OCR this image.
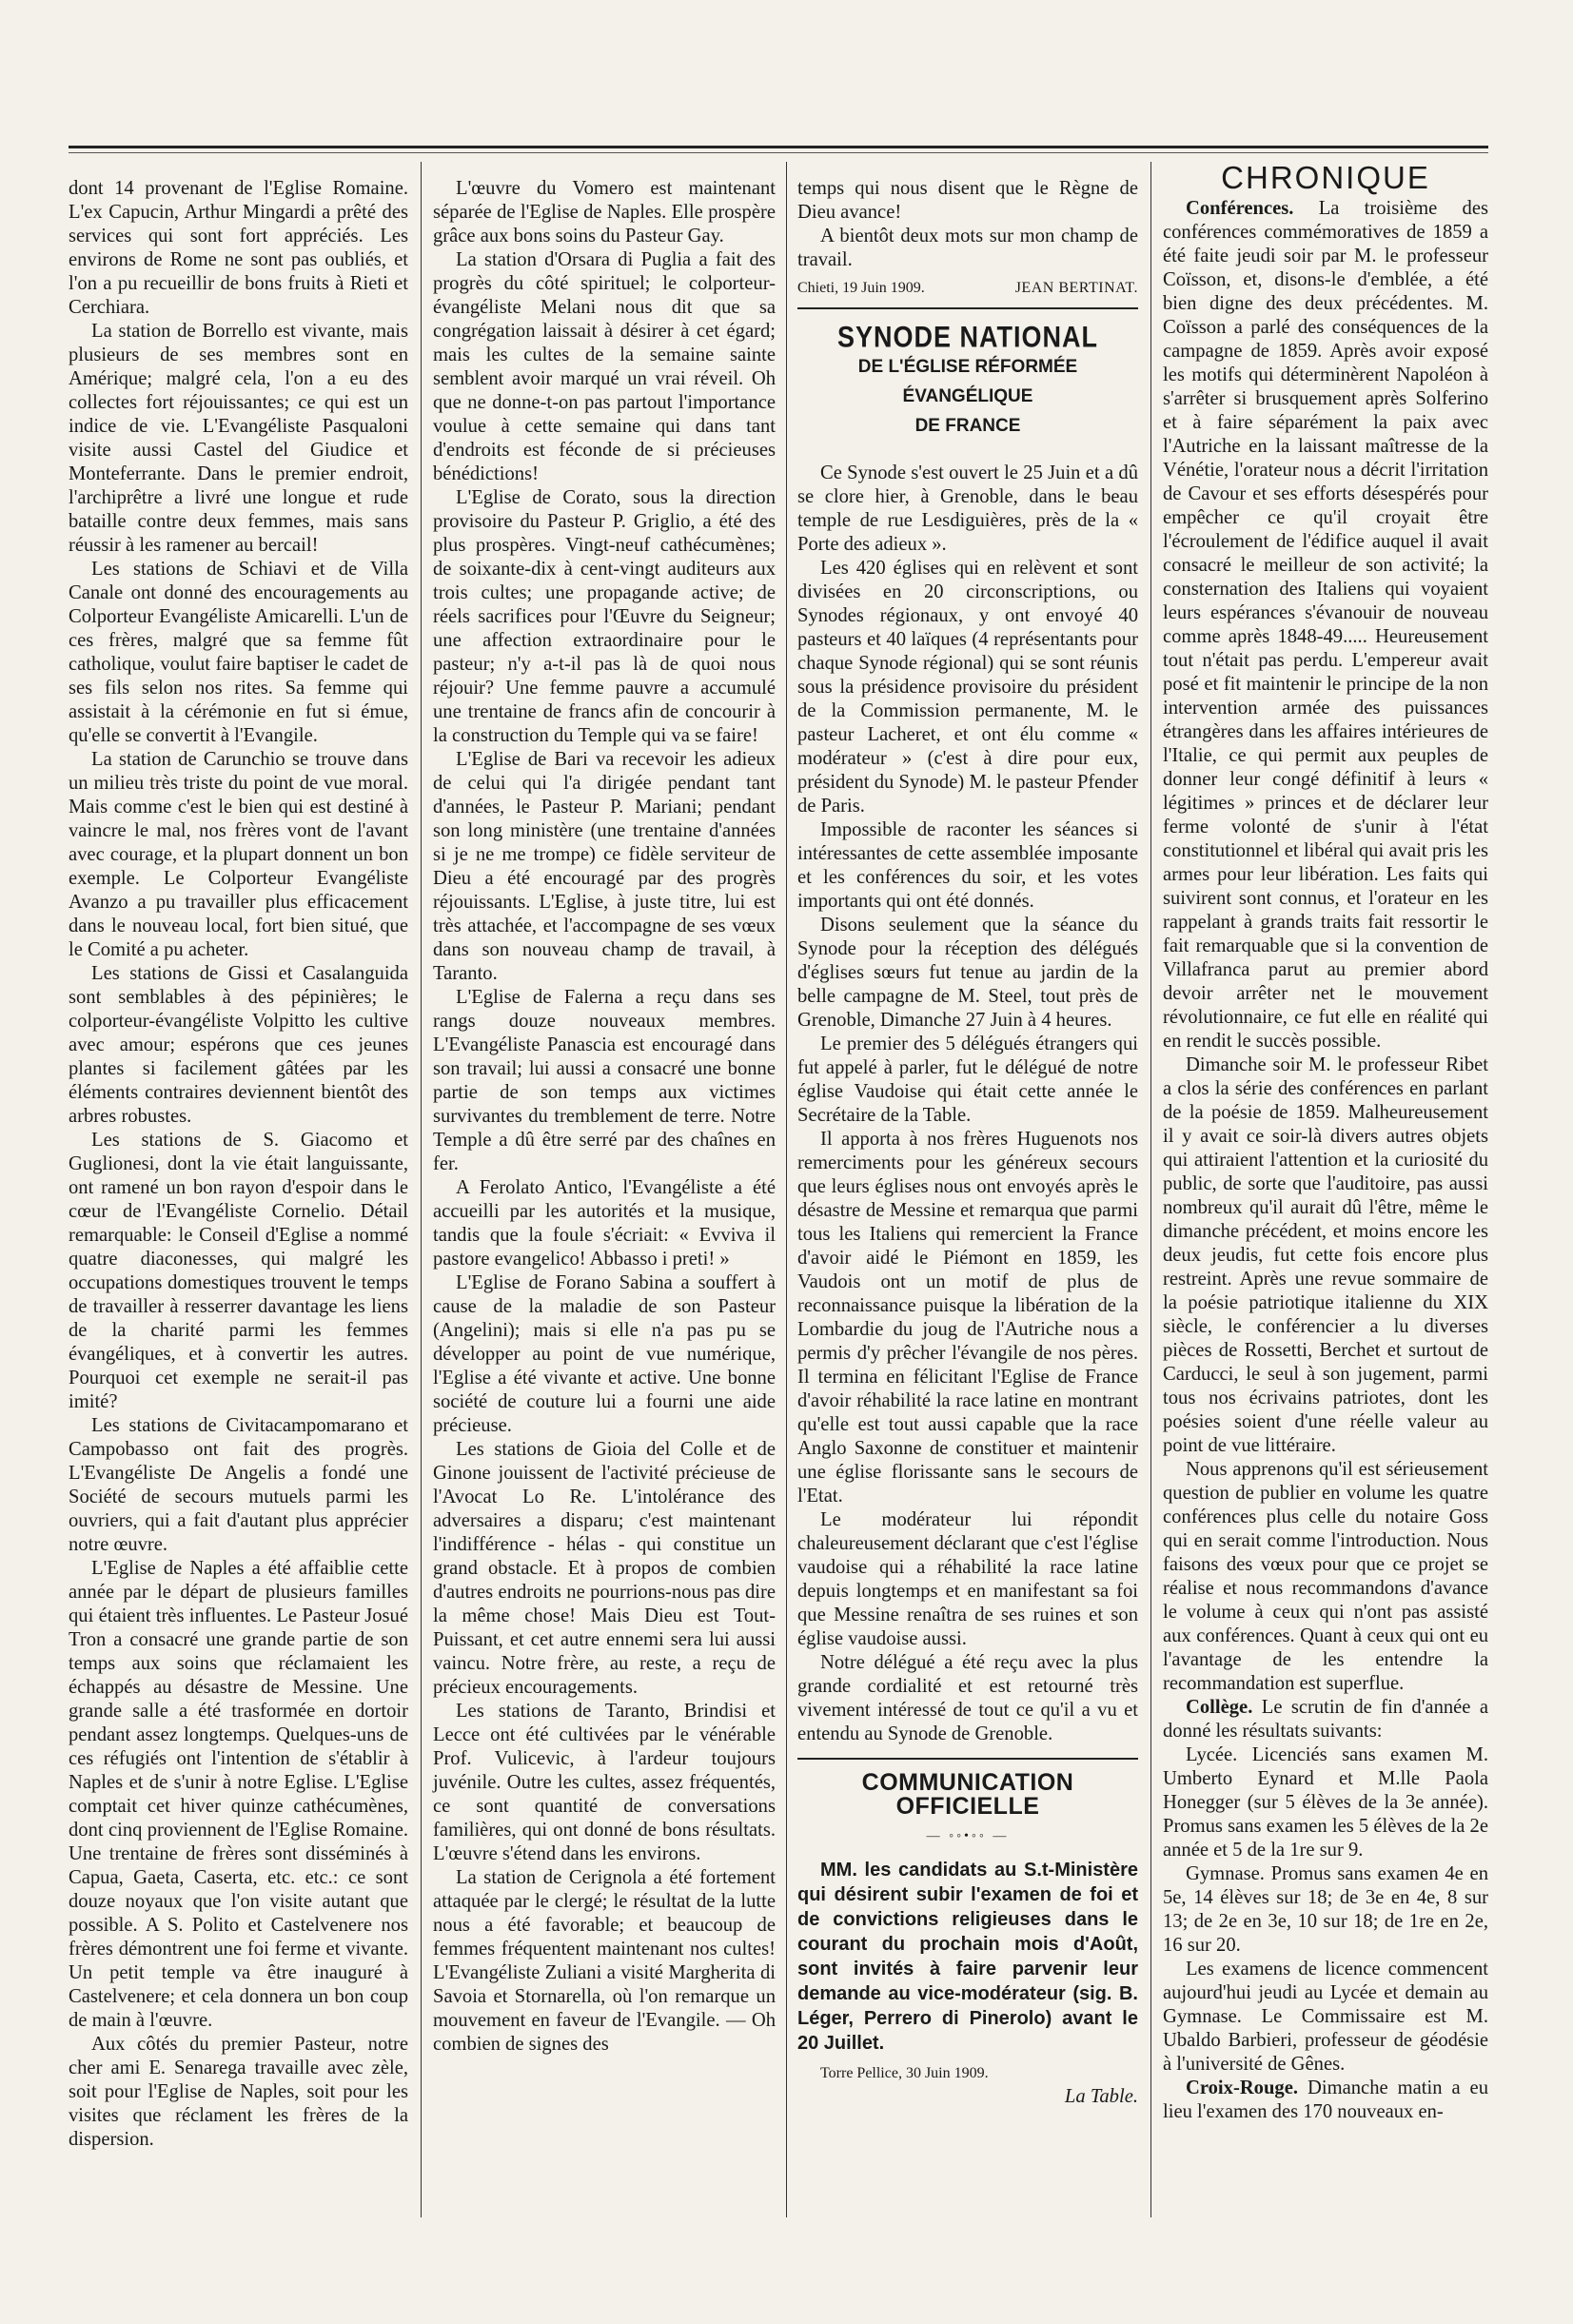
dont 14 provenant de l'Eglise Romaine. L'ex Capucin, Arthur Mingardi a prêté des services qui sont fort appréciés. Les environs de Rome ne sont pas oubliés, et l'on a pu recueillir de bons fruits à Rieti et Cerchiara.

La station de Borrello est vivante, mais plusieurs de ses membres sont en Amérique; malgré cela, l'on a eu des collectes fort réjouissantes; ce qui est un indice de vie. L'Evangéliste Pasqualoni visite aussi Castel del Giudice et Monteferrante. Dans le premier endroit, l'archiprêtre a livré une longue et rude bataille contre deux femmes, mais sans réussir à les ramener au bercail!

Les stations de Schiavi et de Villa Canale ont donné des encouragements au Colporteur Evangéliste Amicarelli. L'un de ces frères, malgré que sa femme fût catholique, voulut faire baptiser le cadet de ses fils selon nos rites. Sa femme qui assistait à la cérémonie en fut si émue, qu'elle se convertit à l'Evangile.

La station de Carunchio se trouve dans un milieu très triste du point de vue moral. Mais comme c'est le bien qui est destiné à vaincre le mal, nos frères vont de l'avant avec courage, et la plupart donnent un bon exemple. Le Colporteur Evangéliste Avanzo a pu travailler plus efficacement dans le nouveau local, fort bien situé, que le Comité a pu acheter.

Les stations de Gissi et Casalanguida sont semblables à des pépinières; le colporteur-évangéliste Volpitto les cultive avec amour; espérons que ces jeunes plantes si facilement gâtées par les éléments contraires deviennent bientôt des arbres robustes.

Les stations de S. Giacomo et Guglionesi, dont la vie était languissante, ont ramené un bon rayon d'espoir dans le cœur de l'Evangéliste Cornelio. Détail remarquable: le Conseil d'Eglise a nommé quatre diaconesses, qui malgré les occupations domestiques trouvent le temps de travailler à resserrer davantage les liens de la charité parmi les femmes évangéliques, et à convertir les autres. Pourquoi cet exemple ne serait-il pas imité?

Les stations de Civitacampomarano et Campobasso ont fait des progrès. L'Evangéliste De Angelis a fondé une Société de secours mutuels parmi les ouvriers, qui a fait d'autant plus apprécier notre œuvre.

L'Eglise de Naples a été affaiblie cette année par le départ de plusieurs familles qui étaient très influentes. Le Pasteur Josué Tron a consacré une grande partie de son temps aux soins que réclamaient les échappés au désastre de Messine. Une grande salle a été trasformée en dortoir pendant assez longtemps. Quelques-uns de ces réfugiés ont l'intention de s'établir à Naples et de s'unir à notre Eglise. L'Eglise comptait cet hiver quinze cathécumènes, dont cinq proviennent de l'Eglise Romaine. Une trentaine de frères sont disséminés à Capua, Gaeta, Caserta, etc. etc.: ce sont douze noyaux que l'on visite autant que possible. A S. Polito et Castelvenere nos frères démontrent une foi ferme et vivante. Un petit temple va être inauguré à Castelvenere; et cela donnera un bon coup de main à l'œuvre.

Aux côtés du premier Pasteur, notre cher ami E. Senarega travaille avec zèle, soit pour l'Eglise de Naples, soit pour les visites que réclament les frères de la dispersion.

L'œuvre du Vomero est maintenant séparée de l'Eglise de Naples. Elle prospère grâce aux bons soins du Pasteur Gay.

La station d'Orsara di Puglia a fait des progrès du côté spirituel; le colporteur-évangéliste Melani nous dit que sa congrégation laissait à désirer à cet égard; mais les cultes de la semaine sainte semblent avoir marqué un vrai réveil. Oh que ne donne-t-on pas partout l'importance voulue à cette semaine qui dans tant d'endroits est féconde de si précieuses bénédictions!

L'Eglise de Corato, sous la direction provisoire du Pasteur P. Griglio, a été des plus prospères. Vingt-neuf cathécumènes; de soixante-dix à cent-vingt auditeurs aux trois cultes; une propagande active; de réels sacrifices pour l'Œuvre du Seigneur; une affection extraordinaire pour le pasteur; n'y a-t-il pas là de quoi nous réjouir? Une femme pauvre a accumulé une trentaine de francs afin de concourir à la construction du Temple qui va se faire!

L'Eglise de Bari va recevoir les adieux de celui qui l'a dirigée pendant tant d'années, le Pasteur P. Mariani; pendant son long ministère (une trentaine d'années si je ne me trompe) ce fidèle serviteur de Dieu a été encouragé par des progrès réjouissants. L'Eglise, à juste titre, lui est très attachée, et l'accompagne de ses vœux dans son nouveau champ de travail, à Taranto.

L'Eglise de Falerna a reçu dans ses rangs douze nouveaux membres. L'Evangéliste Panascia est encouragé dans son travail; lui aussi a consacré une bonne partie de son temps aux victimes survivantes du tremblement de terre. Notre Temple a dû être serré par des chaînes en fer.

A Ferolato Antico, l'Evangéliste a été accueilli par les autorités et la musique, tandis que la foule s'écriait: « Evviva il pastore evangelico! Abbasso i preti! »

L'Eglise de Forano Sabina a souffert à cause de la maladie de son Pasteur (Angelini); mais si elle n'a pas pu se développer au point de vue numérique, l'Eglise a été vivante et active. Une bonne société de couture lui a fourni une aide précieuse.

Les stations de Gioia del Colle et de Ginone jouissent de l'activité précieuse de l'Avocat Lo Re. L'intolérance des adversaires a disparu; c'est maintenant l'indifférence - hélas - qui constitue un grand obstacle. Et à propos de combien d'autres endroits ne pourrions-nous pas dire la même chose! Mais Dieu est Tout-Puissant, et cet autre ennemi sera lui aussi vaincu. Notre frère, au reste, a reçu de précieux encouragements.

Les stations de Taranto, Brindisi et Lecce ont été cultivées par le vénérable Prof. Vulicevic, à l'ardeur toujours juvénile. Outre les cultes, assez fréquentés, ce sont quantité de conversations familières, qui ont donné de bons résultats. L'œuvre s'étend dans les environs.

La station de Cerignola a été fortement attaquée par le clergé; le résultat de la lutte nous a été favorable; et beaucoup de femmes fréquentent maintenant nos cultes! L'Evangéliste Zuliani a visité Margherita di Savoia et Stornarella, où l'on remarque un mouvement en faveur de l'Evangile. — Oh combien de signes des

temps qui nous disent que le Règne de Dieu avance!

A bientôt deux mots sur mon champ de travail.

Chieti, 19 Juin 1909.	JEAN BERTINAT.
SYNODE NATIONAL
DE L'ÉGLISE RÉFORMÉE ÉVANGÉLIQUE
DE FRANCE

Ce Synode s'est ouvert le 25 Juin et a dû se clore hier, à Grenoble, dans le beau temple de rue Lesdiguières, près de la « Porte des adieux ».

Les 420 églises qui en relèvent et sont divisées en 20 circonscriptions, ou Synodes régionaux, y ont envoyé 40 pasteurs et 40 laïques (4 représentants pour chaque Synode régional) qui se sont réunis sous la présidence provisoire du président de la Commission permanente, M. le pasteur Lacheret, et ont élu comme « modérateur » (c'est à dire pour eux, président du Synode) M. le pasteur Pfender de Paris.

Impossible de raconter les séances si intéressantes de cette assemblée imposante et les conférences du soir, et les votes importants qui ont été donnés.

Disons seulement que la séance du Synode pour la réception des délégués d'églises sœurs fut tenue au jardin de la belle campagne de M. Steel, tout près de Grenoble, Dimanche 27 Juin à 4 heures.

Le premier des 5 délégués étrangers qui fut appelé à parler, fut le délégué de notre église Vaudoise qui était cette année le Secrétaire de la Table.

Il apporta à nos frères Huguenots nos remerciments pour les généreux secours que leurs églises nous ont envoyés après le désastre de Messine et remarqua que parmi tous les Italiens qui remercient la France d'avoir aidé le Piémont en 1859, les Vaudois ont un motif de plus de reconnaissance puisque la libération de la Lombardie du joug de l'Autriche nous a permis d'y prêcher l'évangile de nos pères. Il termina en félicitant l'Eglise de France d'avoir réhabilité la race latine en montrant qu'elle est tout aussi capable que la race Anglo Saxonne de constituer et maintenir une église florissante sans le secours de l'Etat.

Le modérateur lui répondit chaleureusement déclarant que c'est l'église vaudoise qui a réhabilité la race latine depuis longtemps et en manifestant sa foi que Messine renaîtra de ses ruines et son église vaudoise aussi.

Notre délégué a été reçu avec la plus grande cordialité et est retourné très vivement intéressé de tout ce qu'il a vu et entendu au Synode de Grenoble.

COMMUNICATION OFFICIELLE
— ◦◦•◦◦ —

MM. les candidats au S.t-Ministère qui désirent subir l'examen de foi et de convictions religieuses dans le courant du prochain mois d'Août, sont invités à faire parvenir leur demande au vice-modérateur (sig. B. Léger, Perrero di Pinerolo) avant le 20 Juillet.

Torre Pellice, 30 Juin 1909.

La Table.

CHRONIQUE

Conférences. La troisième des conférences commémoratives de 1859 a été faite jeudi soir par M. le professeur Coïsson, et, disons-le d'emblée, a été bien digne des deux précédentes. M. Coïsson a parlé des conséquences de la campagne de 1859. Après avoir exposé les motifs qui déterminèrent Napoléon à s'arrêter si brusquement après Solferino et à faire séparément la paix avec l'Autriche en la laissant maîtresse de la Vénétie, l'orateur nous a décrit l'irritation de Cavour et ses efforts désespérés pour empêcher ce qu'il croyait être l'écroulement de l'édifice auquel il avait consacré le meilleur de son activité; la consternation des Italiens qui voyaient leurs espérances s'évanouir de nouveau comme après 1848-49..... Heureusement tout n'était pas perdu. L'empereur avait posé et fit maintenir le principe de la non intervention armée des puissances étrangères dans les affaires intérieures de l'Italie, ce qui permit aux peuples de donner leur congé définitif à leurs « légitimes » princes et de déclarer leur ferme volonté de s'unir à l'état constitutionnel et libéral qui avait pris les armes pour leur libération. Les faits qui suivirent sont connus, et l'orateur en les rappelant à grands traits fait ressortir le fait remarquable que si la convention de Villafranca parut au premier abord devoir arrêter net le mouvement révolutionnaire, ce fut elle en réalité qui en rendit le succès possible.

Dimanche soir M. le professeur Ribet a clos la série des conférences en parlant de la poésie de 1859. Malheureusement il y avait ce soir-là divers autres objets qui attiraient l'attention et la curiosité du public, de sorte que l'auditoire, pas aussi nombreux qu'il aurait dû l'être, même le dimanche précédent, et moins encore les deux jeudis, fut cette fois encore plus restreint. Après une revue sommaire de la poésie patriotique italienne du XIX siècle, le conférencier a lu diverses pièces de Rossetti, Berchet et surtout de Carducci, le seul à son jugement, parmi tous nos écrivains patriotes, dont les poésies soient d'une réelle valeur au point de vue littéraire.

Nous apprenons qu'il est sérieusement question de publier en volume les quatre conférences plus celle du notaire Goss qui en serait comme l'introduction. Nous faisons des vœux pour que ce projet se réalise et nous recommandons d'avance le volume à ceux qui n'ont pas assisté aux conférences. Quant à ceux qui ont eu l'avantage de les entendre la recommandation est superflue.

Collège. Le scrutin de fin d'année a donné les résultats suivants:

Lycée. Licenciés sans examen M. Umberto Eynard et M.lle Paola Honegger (sur 5 élèves de la 3e année). Promus sans examen les 5 élèves de la 2e année et 5 de la 1re sur 9.

Gymnase. Promus sans examen 4e en 5e, 14 élèves sur 18; de 3e en 4e, 8 sur 13; de 2e en 3e, 10 sur 18; de 1re en 2e, 16 sur 20.

Les examens de licence commencent aujourd'hui jeudi au Lycée et demain au Gymnase. Le Commissaire est M. Ubaldo Barbieri, professeur de géodésie à l'université de Gênes.

Croix-Rouge. Dimanche matin a eu lieu l'examen des 170 nouveaux en-
